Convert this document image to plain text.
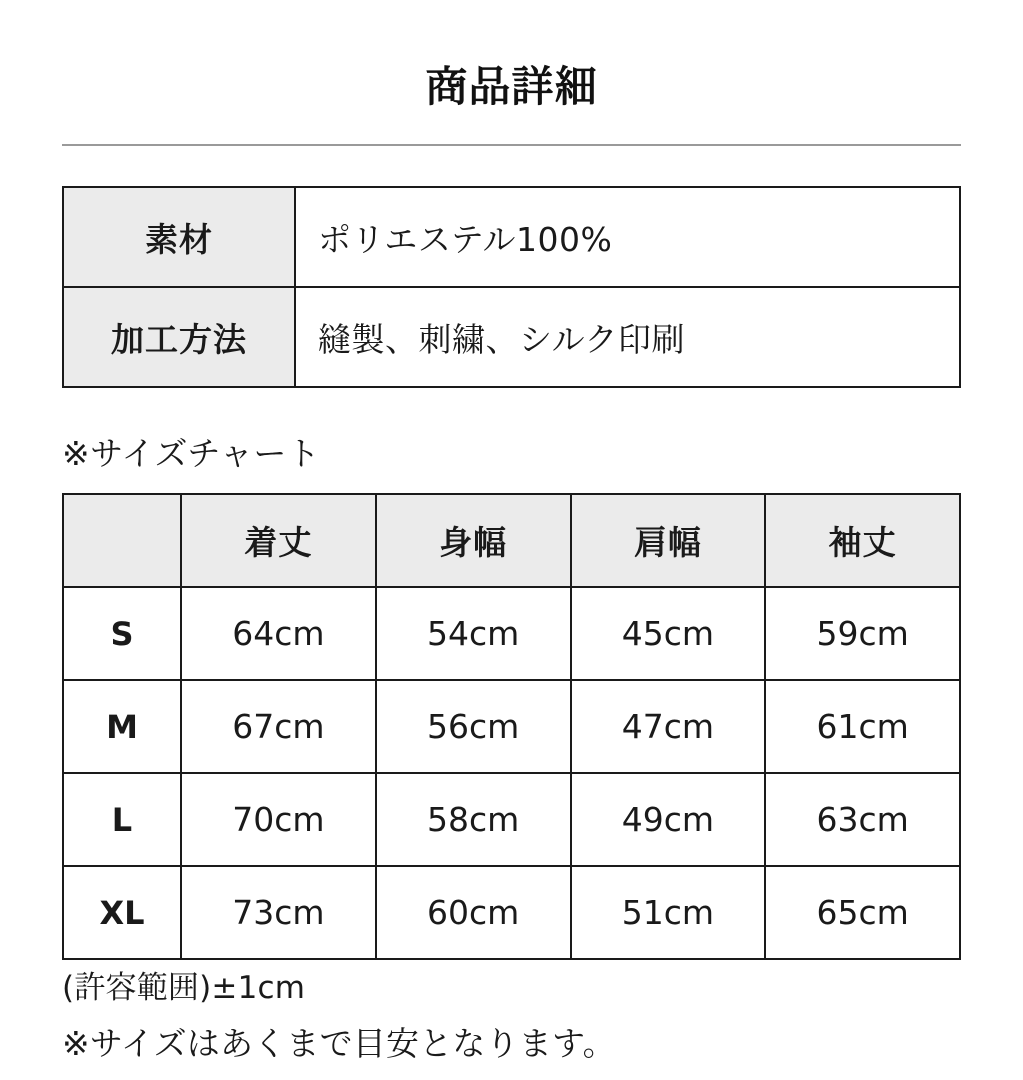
商品詳細
素材	ポリエステル100%
加工方法	縫製、刺繍、シルク印刷
※サイズチャート
	着丈	身幅	肩幅	袖丈
S	64cm	54cm	45cm	59cm
M	67cm	56cm	47cm	61cm
L	70cm	58cm	49cm	63cm
XL	73cm	60cm	51cm	65cm
(許容範囲)±1cm
※サイズはあくまで目安となります。
